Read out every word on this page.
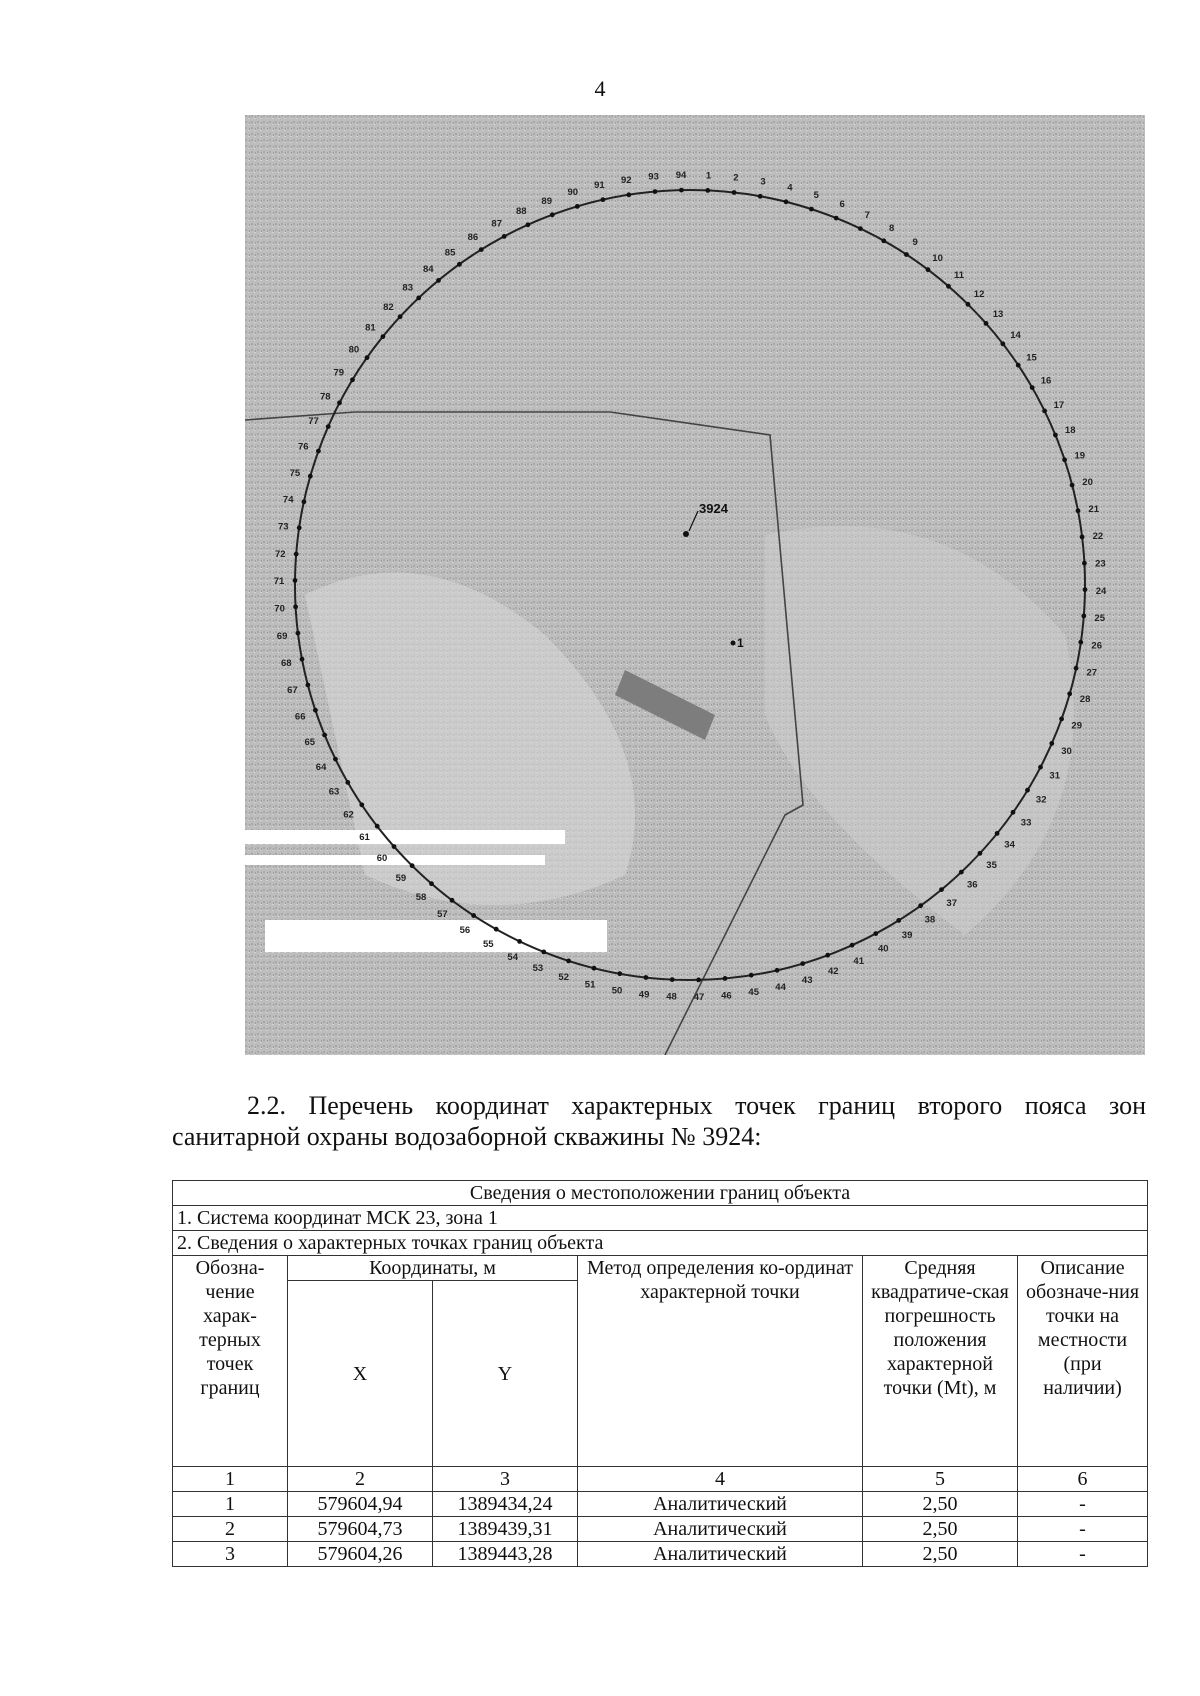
4
1 2 3
4
5
6
7
8
9
10
11
12
13
14
15
16
17
18
19
20
21
22
23
24
25
26
27
28
29
30
31
32
33
34
35
36
37
38
39
40
41
42
43
44
45
46
47
48
49
50
51
52
53
54
55
56
57
58
59
60
61
62
63
64
65
66
67
68
69
70
71
72
73
74
75
76
77
78
79
80
81
82
83
84
85
86
87
88
89
90
91 92 93 94
3924
1
2.2. Перечень координат характерных точек границ второго пояса зон санитарной охраны водозаборной скважины № 3924:
Сведения о местоположении границ объекта					
1. Система координат МСК 23, зона 1					
2. Сведения о характерных точках границ объекта					
Обозна-чение харак-терных точек границ	Координаты, м		Метод определения ко-ординат характерной точки	Средняя квадратиче-ская погрешность положения характерной точки (Mt), м	Описание обозначе-ния точки на местности (при наличии)
	X	Y			
1	2	3	4	5	6
1	579604,94	1389434,24	Аналитический	2,50	-
2	579604,73	1389439,31	Аналитический	2,50	-
3	579604,26	1389443,28	Аналитический	2,50	-
